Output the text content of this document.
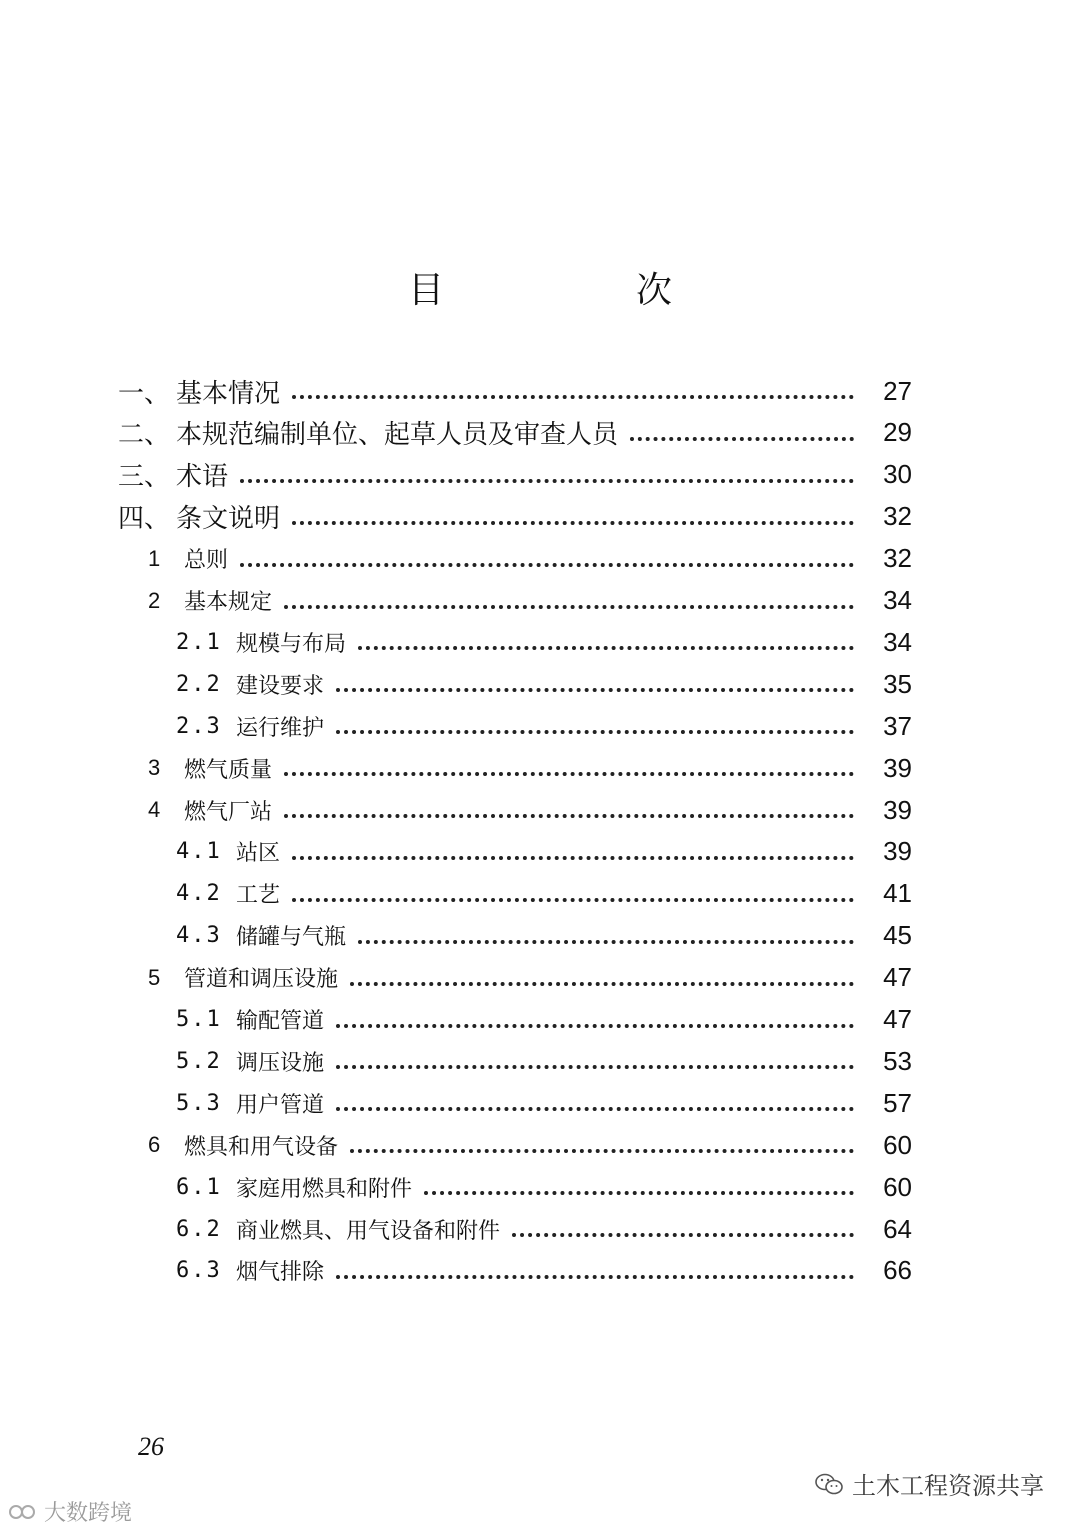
目　次
一、 基本情况	27
二、 本规范编制单位、起草人员及审查人员	29
三、 术语	30
四、 条文说明	32
1	总则	32
2	基本规定	34
2.1 规模与布局	34
2.2 建设要求	35
2.3 运行维护	37
3	燃气质量	39
4	燃气厂站	39
4.1 站区	39
4.2 工艺	41
4.3 储罐与气瓶	45
5	管道和调压设施	47
5.1 输配管道	47
5.2 调压设施	53
5.3 用户管道	57
6	燃具和用气设备	60
6.1 家庭用燃具和附件	60
6.2 商业燃具、用气设备和附件	64
6.3 烟气排除	66
26
土木工程资源共享
大数跨境
